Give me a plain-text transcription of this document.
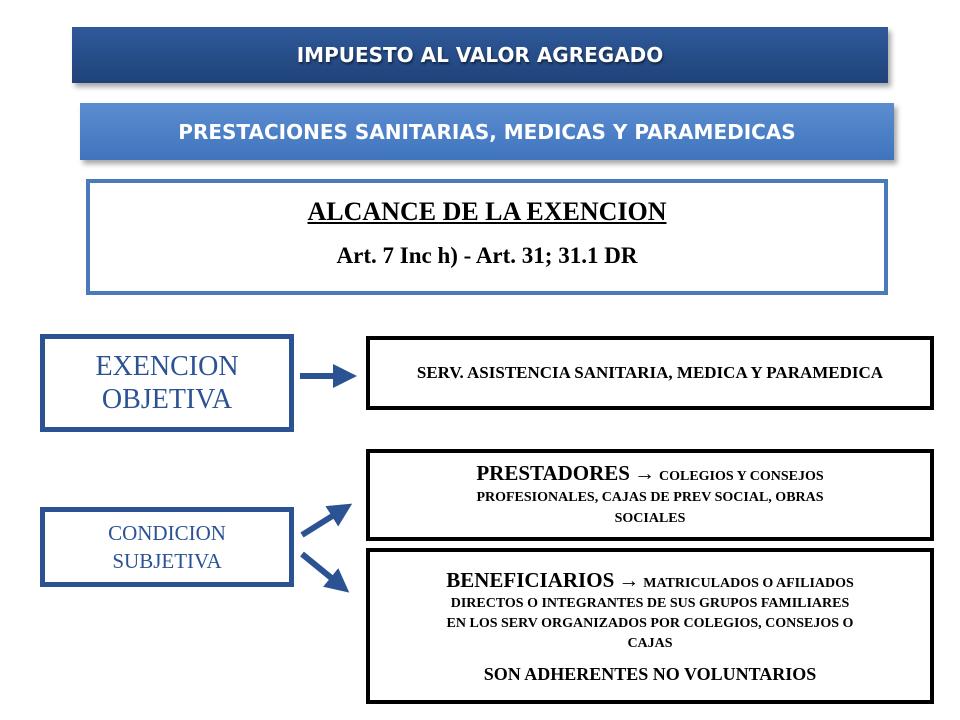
IMPUESTO AL VALOR AGREGADO
PRESTACIONES SANITARIAS, MEDICAS Y PARAMEDICAS
ALCANCE DE LA EXENCION
Art. 7 Inc h) - Art. 31; 31.1 DR
EXENCION
OBJETIVA
CONDICION
SUBJETIVA
SERV. ASISTENCIA SANITARIA, MEDICA Y PARAMEDICA
PRESTADORES → COLEGIOS Y CONSEJOS
PROFESIONALES, CAJAS DE PREV SOCIAL, OBRAS
SOCIALES
BENEFICIARIOS → MATRICULADOS O AFILIADOS
DIRECTOS O INTEGRANTES DE SUS GRUPOS FAMILIARES
EN LOS SERV ORGANIZADOS POR COLEGIOS, CONSEJOS O
CAJAS
SON ADHERENTES NO VOLUNTARIOS
